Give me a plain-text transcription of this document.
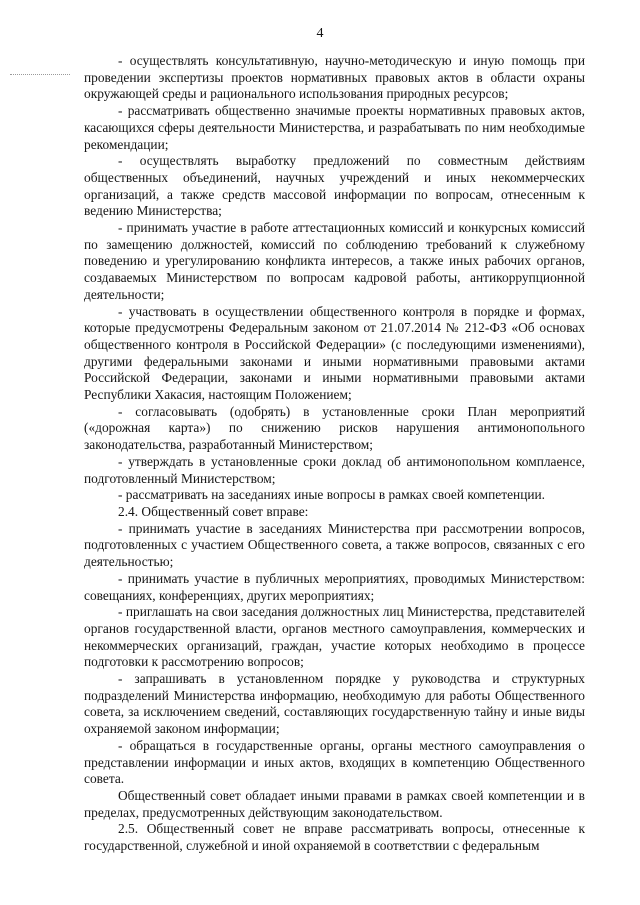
4

- осуществлять консультативную, научно-методическую и иную помощь при проведении экспертизы проектов нормативных правовых актов в области охраны окружающей среды и рационального использования природных ресурсов;

- рассматривать общественно значимые проекты нормативных правовых актов, касающихся сферы деятельности Министерства, и разрабатывать по ним необходимые рекомендации;

- осуществлять выработку предложений по совместным действиям общественных объединений, научных учреждений и иных некоммерческих организаций, а также средств массовой информации по вопросам, отнесенным к ведению Министерства;

- принимать участие в работе аттестационных комиссий и конкурсных комиссий по замещению должностей, комиссий по соблюдению требований к служебному поведению и урегулированию конфликта интересов, а также иных рабочих органов, создаваемых Министерством по вопросам кадровой работы, антикоррупционной деятельности;

- участвовать в осуществлении общественного контроля в порядке и формах, которые предусмотрены Федеральным законом от 21.07.2014 № 212-ФЗ «Об основах общественного контроля в Российской Федерации» (с последующими изменениями), другими федеральными законами и иными нормативными правовыми актами Российской Федерации, законами и иными нормативными правовыми актами Республики Хакасия, настоящим Положением;

- согласовывать (одобрять) в установленные сроки План мероприятий («дорожная карта») по снижению рисков нарушения антимонопольного законодательства, разработанный Министерством;

- утверждать в установленные сроки доклад об антимонопольном комплаенсе, подготовленный Министерством;

- рассматривать на заседаниях иные вопросы в рамках своей компетенции.

2.4. Общественный совет вправе:

- принимать участие в заседаниях Министерства при рассмотрении вопросов, подготовленных с участием Общественного совета, а также вопросов, связанных с его деятельностью;

- принимать участие в публичных мероприятиях, проводимых Министерством: совещаниях, конференциях, других мероприятиях;

- приглашать на свои заседания должностных лиц Министерства, представителей органов государственной власти, органов местного самоуправления, коммерческих и некоммерческих организаций, граждан, участие которых необходимо в процессе подготовки к рассмотрению вопросов;

- запрашивать в установленном порядке у руководства и структурных подразделений Министерства информацию, необходимую для работы Общественного совета, за исключением сведений, составляющих государственную тайну и иные виды охраняемой законом информации;

- обращаться в государственные органы, органы местного самоуправления о представлении информации и иных актов, входящих в компетенцию Общественного совета.

Общественный совет обладает иными правами в рамках своей компетенции и в пределах, предусмотренных действующим законодательством.

2.5. Общественный совет не вправе рассматривать вопросы, отнесенные к государственной, служебной и иной охраняемой в соответствии с федеральным
